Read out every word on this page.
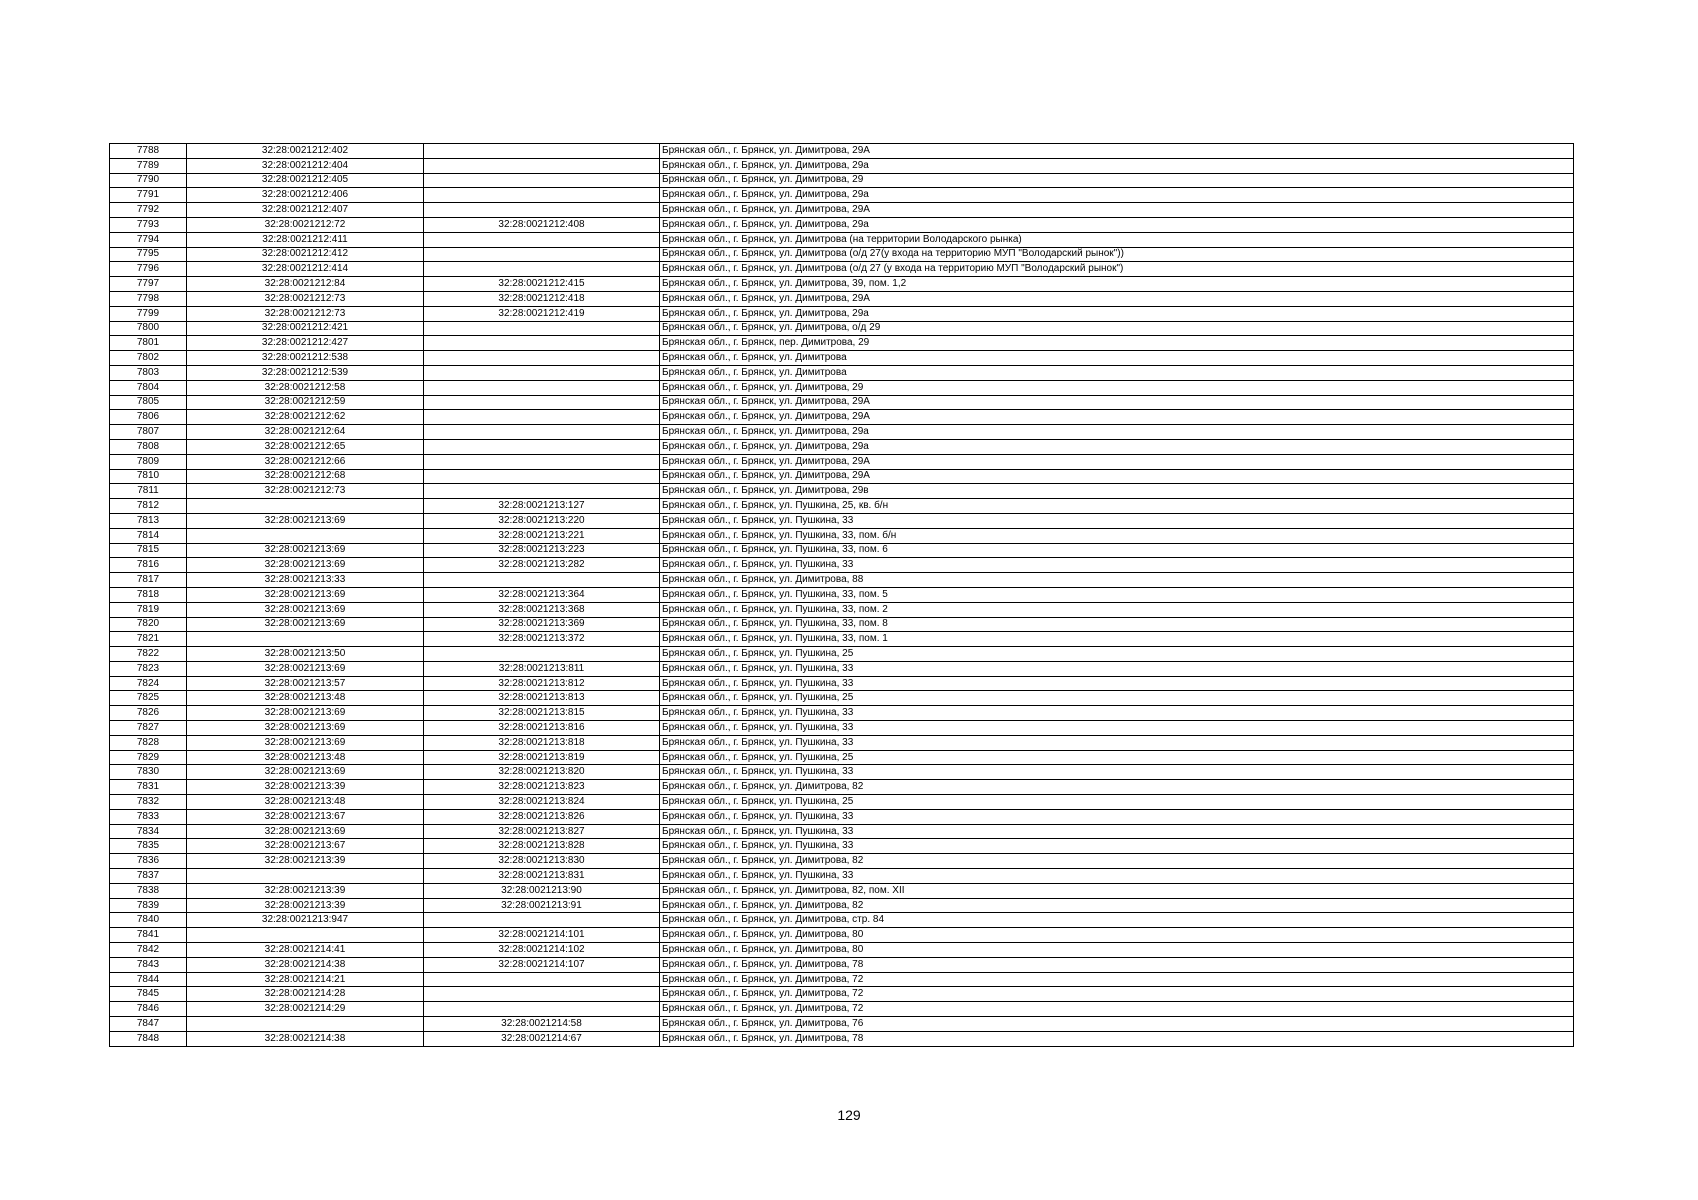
7788	32:28:0021212:402		Брянская обл., г. Брянск, ул. Димитрова, 29А
7789	32:28:0021212:404		Брянская обл., г. Брянск, ул. Димитрова, 29а
7790	32:28:0021212:405		Брянская обл., г. Брянск, ул. Димитрова, 29
7791	32:28:0021212:406		Брянская обл., г. Брянск, ул. Димитрова, 29а
7792	32:28:0021212:407		Брянская обл., г. Брянск, ул. Димитрова, 29А
7793	32:28:0021212:72	32:28:0021212:408	Брянская обл., г. Брянск, ул. Димитрова, 29а
7794	32:28:0021212:411		Брянская обл., г. Брянск, ул. Димитрова (на территории Володарского рынка)
7795	32:28:0021212:412		Брянская обл., г. Брянск, ул. Димитрова (о/д 27(у входа на территорию МУП "Володарский рынок"))
7796	32:28:0021212:414		Брянская обл., г. Брянск, ул. Димитрова (о/д 27 (у входа на территорию МУП "Володарский рынок")
7797	32:28:0021212:84	32:28:0021212:415	Брянская обл., г. Брянск, ул. Димитрова, 39, пом. 1,2
7798	32:28:0021212:73	32:28:0021212:418	Брянская обл., г. Брянск, ул. Димитрова, 29А
7799	32:28:0021212:73	32:28:0021212:419	Брянская обл., г. Брянск, ул. Димитрова, 29а
7800	32:28:0021212:421		Брянская обл., г. Брянск, ул. Димитрова, о/д 29
7801	32:28:0021212:427		Брянская обл., г. Брянск, пер. Димитрова, 29
7802	32:28:0021212:538		Брянская обл., г. Брянск, ул. Димитрова
7803	32:28:0021212:539		Брянская обл., г. Брянск, ул. Димитрова
7804	32:28:0021212:58		Брянская обл., г. Брянск, ул. Димитрова, 29
7805	32:28:0021212:59		Брянская обл., г. Брянск, ул. Димитрова, 29А
7806	32:28:0021212:62		Брянская обл., г. Брянск, ул. Димитрова, 29А
7807	32:28:0021212:64		Брянская обл., г. Брянск, ул. Димитрова, 29а
7808	32:28:0021212:65		Брянская обл., г. Брянск, ул. Димитрова, 29а
7809	32:28:0021212:66		Брянская обл., г. Брянск, ул. Димитрова, 29А
7810	32:28:0021212:68		Брянская обл., г. Брянск, ул. Димитрова, 29А
7811	32:28:0021212:73		Брянская обл., г. Брянск, ул. Димитрова, 29в
7812		32:28:0021213:127	Брянская обл., г. Брянск, ул. Пушкина, 25, кв. б/н
7813	32:28:0021213:69	32:28:0021213:220	Брянская обл., г. Брянск, ул. Пушкина, 33
7814		32:28:0021213:221	Брянская обл., г. Брянск, ул. Пушкина, 33, пом. б/н
7815	32:28:0021213:69	32:28:0021213:223	Брянская обл., г. Брянск, ул. Пушкина, 33, пом. 6
7816	32:28:0021213:69	32:28:0021213:282	Брянская обл., г. Брянск, ул. Пушкина, 33
7817	32:28:0021213:33		Брянская обл., г. Брянск, ул. Димитрова, 88
7818	32:28:0021213:69	32:28:0021213:364	Брянская обл., г. Брянск, ул. Пушкина, 33, пом. 5
7819	32:28:0021213:69	32:28:0021213:368	Брянская обл., г. Брянск, ул. Пушкина, 33, пом. 2
7820	32:28:0021213:69	32:28:0021213:369	Брянская обл., г. Брянск, ул. Пушкина, 33, пом. 8
7821		32:28:0021213:372	Брянская обл., г. Брянск, ул. Пушкина, 33, пом. 1
7822	32:28:0021213:50		Брянская обл., г. Брянск, ул. Пушкина, 25
7823	32:28:0021213:69	32:28:0021213:811	Брянская обл., г. Брянск, ул. Пушкина, 33
7824	32:28:0021213:57	32:28:0021213:812	Брянская обл., г. Брянск, ул. Пушкина, 33
7825	32:28:0021213:48	32:28:0021213:813	Брянская обл., г. Брянск, ул. Пушкина, 25
7826	32:28:0021213:69	32:28:0021213:815	Брянская обл., г. Брянск, ул. Пушкина, 33
7827	32:28:0021213:69	32:28:0021213:816	Брянская обл., г. Брянск, ул. Пушкина, 33
7828	32:28:0021213:69	32:28:0021213:818	Брянская обл., г. Брянск, ул. Пушкина, 33
7829	32:28:0021213:48	32:28:0021213:819	Брянская обл., г. Брянск, ул. Пушкина, 25
7830	32:28:0021213:69	32:28:0021213:820	Брянская обл., г. Брянск, ул. Пушкина, 33
7831	32:28:0021213:39	32:28:0021213:823	Брянская обл., г. Брянск, ул. Димитрова, 82
7832	32:28:0021213:48	32:28:0021213:824	Брянская обл., г. Брянск, ул. Пушкина, 25
7833	32:28:0021213:67	32:28:0021213:826	Брянская обл., г. Брянск, ул. Пушкина, 33
7834	32:28:0021213:69	32:28:0021213:827	Брянская обл., г. Брянск, ул. Пушкина, 33
7835	32:28:0021213:67	32:28:0021213:828	Брянская обл., г. Брянск, ул. Пушкина, 33
7836	32:28:0021213:39	32:28:0021213:830	Брянская обл., г. Брянск, ул. Димитрова, 82
7837		32:28:0021213:831	Брянская обл., г. Брянск, ул. Пушкина, 33
7838	32:28:0021213:39	32:28:0021213:90	Брянская обл., г. Брянск, ул. Димитрова, 82, пом. XII
7839	32:28:0021213:39	32:28:0021213:91	Брянская обл., г. Брянск, ул. Димитрова, 82
7840	32:28:0021213:947		Брянская обл., г. Брянск, ул. Димитрова, стр. 84
7841		32:28:0021214:101	Брянская обл., г. Брянск, ул. Димитрова, 80
7842	32:28:0021214:41	32:28:0021214:102	Брянская обл., г. Брянск, ул. Димитрова, 80
7843	32:28:0021214:38	32:28:0021214:107	Брянская обл., г. Брянск, ул. Димитрова, 78
7844	32:28:0021214:21		Брянская обл., г. Брянск, ул. Димитрова, 72
7845	32:28:0021214:28		Брянская обл., г. Брянск, ул. Димитрова, 72
7846	32:28:0021214:29		Брянская обл., г. Брянск, ул. Димитрова, 72
7847		32:28:0021214:58	Брянская обл., г. Брянск, ул. Димитрова, 76
7848	32:28:0021214:38	32:28:0021214:67	Брянская обл., г. Брянск, ул. Димитрова, 78
129
